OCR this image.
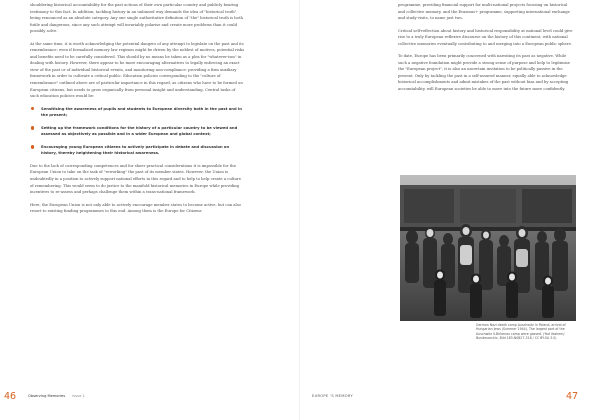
shouldering historical accountability for the past actions of their own particular country and publicly bearing testimony to this fact. In addition, tackling history in an unbiased way demands the idea of "historical truth" being renounced as an absolute category. Any one single authoritative definition of "the" historical truth is both futile and dangerous, since any such attempt will invariably polarise and create more problems than it could possibly solve.

At the same time, it is worth acknowledging the potential dangers of any attempt to legislate on the past and its remembrance: even if formalised memory law regimes might be driven by the noblest of motives, potential risks and benefits need to be carefully considered. This should by no means be taken as a plea for "whatever-ism" in dealing with history. However, there appear to be more encouraging alternatives to legally enforcing an exact view of the past or of individual historical events, and monitoring non-compliance: providing a firm auxiliary framework in order to cultivate a critical public. Education policies corresponding to the "culture of remembrance" outlined above are of particular importance in this regard, as citizens who have to be formed on European citizens, but needs to grow organically from personal insight and understanding. Central tasks of such education policies would be:

Sensitising the awareness of pupils and students to European diversity both in the past and in the present;
Setting up the framework conditions for the history of a particular country to be viewed and assessed as objectively as possible and in a wider European and global context;
Encouraging young European citizens to actively participate in debate and discussion on history, thereby heightening their historical awareness.

Due to the lack of corresponding competences and for sheer practical considerations it is impossible for the European Union to take on the task of "reworking" the past of its member states. However, the Union is undoubtedly in a position to actively support national efforts in this regard and to help to help create a culture of remembering. This would seem to do justice to the manifold historical memories in Europe while providing incentives to re-assess and perhaps challenge them within a trans-national framework.

Here, the European Union is not only able to actively encourage member states to become active, but can also resort to existing funding programmes to this end. Among them is the Europe for Citizens

46	Observing Memories issue 1

programme, providing financial support for multi-national projects focusing on historical and collective memory, and the Erasmus+ programme, supporting international exchange and study visits, to name just two.

Critical self-reflection about history and historical responsibility at national level could give rise to a truly European reflexive discourse on the history of this continent, with national collective memories eventually contributing to and merging into a European public sphere.

To date, Europe has been primarily concerned with narrating its past as negative. While such a negative foundation might provide a strong sense of purpose and help to legitimise the "European project", it is also an uncertain invitation to be politically passive in the present. Only by tackling the past in a self-assured manner, equally able to acknowledge historical accomplishments and admit mistakes of the past without bias and by accepting accountability, will European societies be able to move into the future more confidently.

German Nazi death camp Auschwitz in Poland, arrival of Hungarian Jews (Summer 1944). The largest part of the Auschwitz II-Birkenau camp were gassed. (Yad Vashem/ Bundesarchiv, Bild 183-N0827-318 / CC BY-SA 3.0)
EUROPE ’S MEMORY	47
